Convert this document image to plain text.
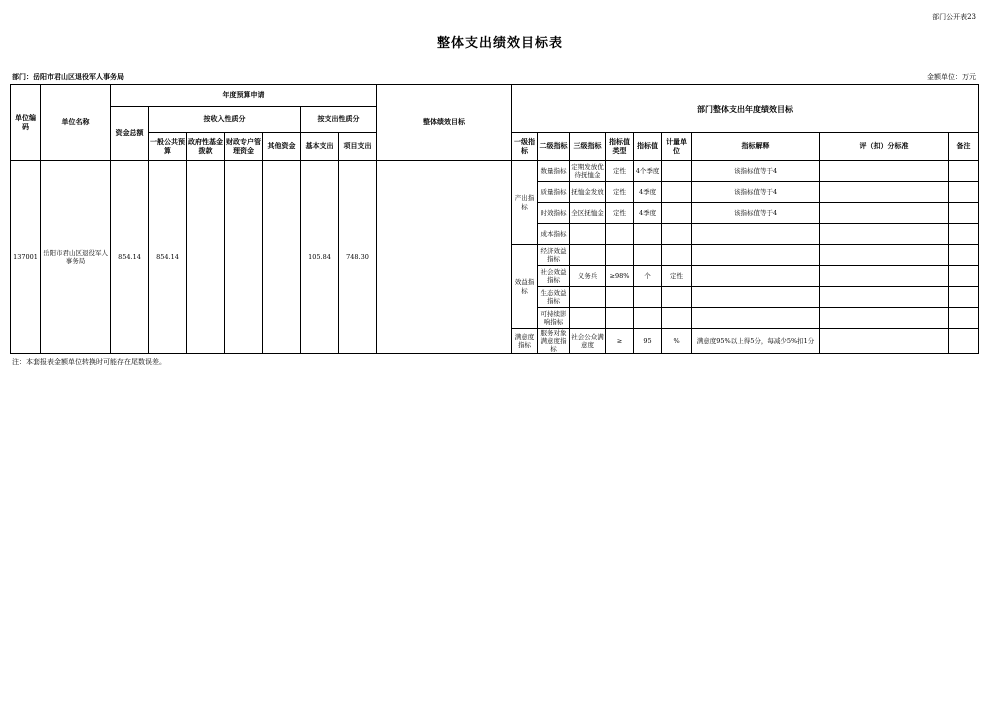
部门公开表23
整体支出绩效目标表
部门：岳阳市君山区退役军人事务局	金额单位：万元
单位编码	单位名称	年度预算申请							整体绩效目标	部门整体支出年度绩效目标								
		资金总额	按收入性质分				按支出性质分											
			一般公共预算	政府性基金拨款	财政专户管理资金	其他资金	基本支出	项目支出		一级指标	二级指标	三级指标	指标值类型	指标值	计量单位	指标解释	评（扣）分标准	备注
137001	岳阳市君山区退役军人事务局	854.14	854.14				105.84	748.30		产出指标	数量指标	定期发放优待抚恤金	定性	4个季度		该指标值等于4		
											质量指标	抚恤金发放	定性	4季度		该指标值等于4		
											时效指标	全区抚恤金	定性	4季度		该指标值等于4		
											成本指标							
										效益指标	经济效益指标							
											社会效益指标	义务兵	≥98%	个	定性			
											生态效益指标							
											可持续影响指标							
										满意度指标	服务对象满意度指标	社会公众满意度	≥	95	%	满意度95%以上得5分，每减少5%扣1分		
注：本套报表金额单位转换时可能存在尾数误差。
